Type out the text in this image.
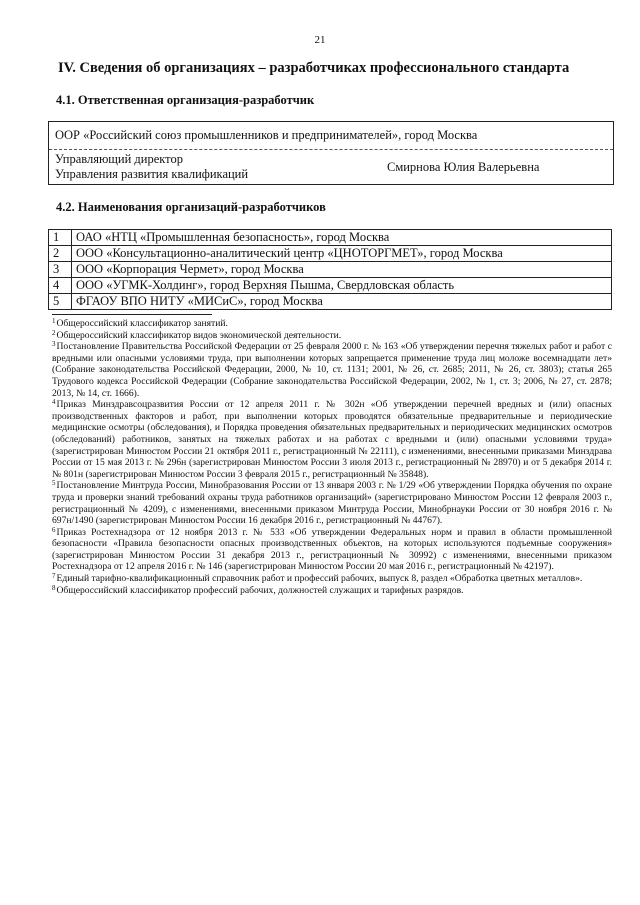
21
IV. Сведения об организациях – разработчиках профессионального стандарта
4.1. Ответственная организация-разработчик
ООР «Российский союз промышленников и предпринимателей», город Москва
Управляющий директор
Управления развития квалификаций	Смирнова Юлия Валерьевна
4.2. Наименования организаций-разработчиков
1	ОАО «НТЦ «Промышленная безопасность», город Москва
2	ООО «Консультационно-аналитический центр «ЦНОТОРГМЕТ», город Москва
3	ООО «Корпорация Чермет», город Москва
4	ООО «УГМК-Холдинг», город Верхняя Пышма, Свердловская область
5	ФГАОУ ВПО НИТУ «МИСиС», город Москва

$^1$Общероссийский классификатор занятий.

$^2$Общероссийский классификатор видов экономической деятельности.

$^3$Постановление Правительства Российской Федерации от 25 февраля 2000 г. № 163 «Об утверждении перечня тяжелых работ и работ с вредными или опасными условиями труда, при выполнении которых запрещается применение труда лиц моложе восемнадцати лет» (Собрание законодательства Российской Федерации, 2000, № 10, ст. 1131; 2001, № 26, ст. 2685; 2011, № 26, ст. 3803); статья 265 Трудового кодекса Российской Федерации (Собрание законодательства Российской Федерации, 2002, № 1, ст. 3; 2006, № 27, ст. 2878; 2013, № 14, ст. 1666).

$^4$Приказ Минздравсоцразвития России от 12 апреля 2011 г. № 302н «Об утверждении перечней вредных и (или) опасных производственных факторов и работ, при выполнении которых проводятся обязательные предварительные и периодические медицинские осмотры (обследования), и Порядка проведения обязательных предварительных и периодических медицинских осмотров (обследований) работников, занятых на тяжелых работах и на работах с вредными и (или) опасными условиями труда» (зарегистрирован Минюстом России 21 октября 2011 г., регистрационный № 22111), с изменениями, внесенными приказами Минздрава России от 15 мая 2013 г. № 296н (зарегистрирован Минюстом России 3 июля 2013 г., регистрационный № 28970) и от 5 декабря 2014 г. № 801н (зарегистрирован Минюстом России 3 февраля 2015 г., регистрационный № 35848).

$^5$Постановление Минтруда России, Минобразования России от 13 января 2003 г. № 1/29 «Об утверждении Порядка обучения по охране труда и проверки знаний требований охраны труда работников организаций» (зарегистрировано Минюстом России 12 февраля 2003 г., регистрационный № 4209), с изменениями, внесенными приказом Минтруда России, Минобрнауки России от 30 ноября 2016 г. № 697н/1490 (зарегистрирован Минюстом России 16 декабря 2016 г., регистрационный № 44767).

$^6$Приказ Ростехнадзора от 12 ноября 2013 г. № 533 «Об утверждении Федеральных норм и правил в области промышленной безопасности «Правила безопасности опасных производственных объектов, на которых используются подъемные сооружения» (зарегистрирован Минюстом России 31 декабря 2013 г., регистрационный № 30992) с изменениями, внесенными приказом Ростехнадзора от 12 апреля 2016 г. № 146 (зарегистрирован Минюстом России 20 мая 2016 г., регистрационный № 42197).

$^7$Единый тарифно-квалификационный справочник работ и профессий рабочих, выпуск 8, раздел «Обработка цветных металлов».

$^8$Общероссийский классификатор профессий рабочих, должностей служащих и тарифных разрядов.
